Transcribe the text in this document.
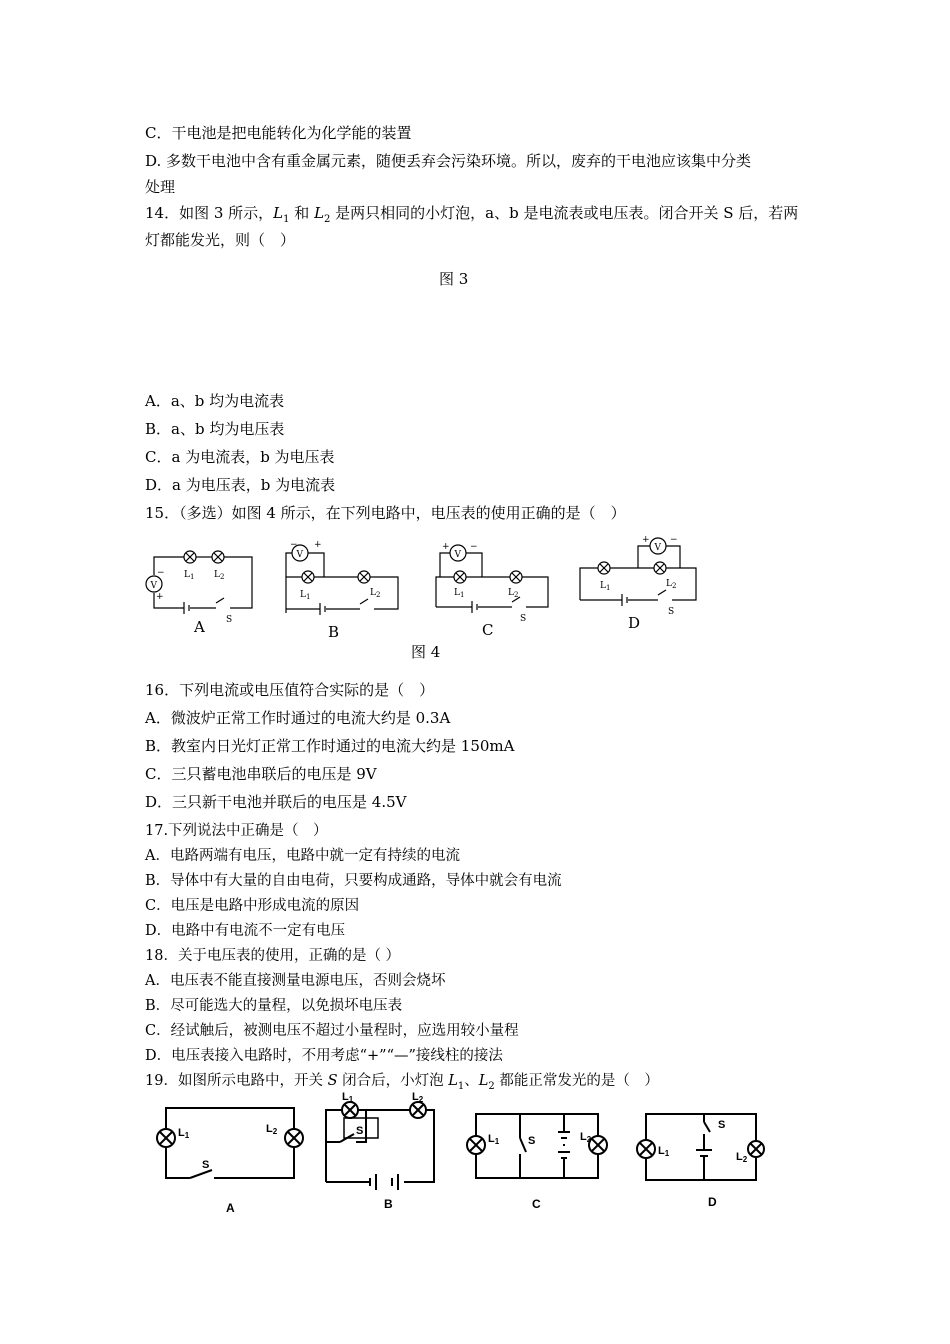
C．干电池是把电能转化为化学能的装置
D. 多数干电池中含有重金属元素，随便丢弃会污染环境。所以，废弃的干电池应该集中分类
处理
14．如图 3 所示，$L_1$ 和 $L_2$ 是两只相同的小灯泡，a、b 是电流表或电压表。闭合开关 S 后，若两
灯都能发光，则（　）
图 3
A．a、b 均为电流表
B．a、b 均为电压表
C．a 为电流表，b 为电压表
D．a 为电压表，b 为电流表
15．（多选）如图 4 所示，在下列电路中，电压表的使用正确的是（　）
V
−
+
$L_1$ $L_2$
S
A
V
− +
$L_1$	$L_2$
B
V
+ −
$L_1$	$L_2$
S
C
V
+ −
$L_1$	$L_2$
S
D
图 4
16．下列电流或电压值符合实际的是（　）
A．微波炉正常工作时通过的电流大约是 0.3A
B．教室内日光灯正常工作时通过的电流大约是 150mA
C．三只蓄电池串联后的电压是 9V
D．三只新干电池并联后的电压是 4.5V
17.下列说法中正确是（　）
A．电路两端有电压，电路中就一定有持续的电流
B．导体中有大量的自由电荷，只要构成通路，导体中就会有电流
C．电压是电路中形成电流的原因
D．电路中有电流不一定有电压
18．关于电压表的使用，正确的是（ ）
A．电压表不能直接测量电源电压，否则会烧坏
B．尽可能选大的量程，以免损坏电压表
C．经试触后，被测电压不超过小量程时，应选用较小量程
D．电压表接入电路时，不用考虑“+”“—”接线柱的接法
19．如图所示电路中，开关 S 闭合后，小灯泡 $L_1$、$L_2$ 都能正常发光的是（　）
L1
L2
S
A
L1	L2
S
B
L1	L2
S
C
L1	L2
S
D
